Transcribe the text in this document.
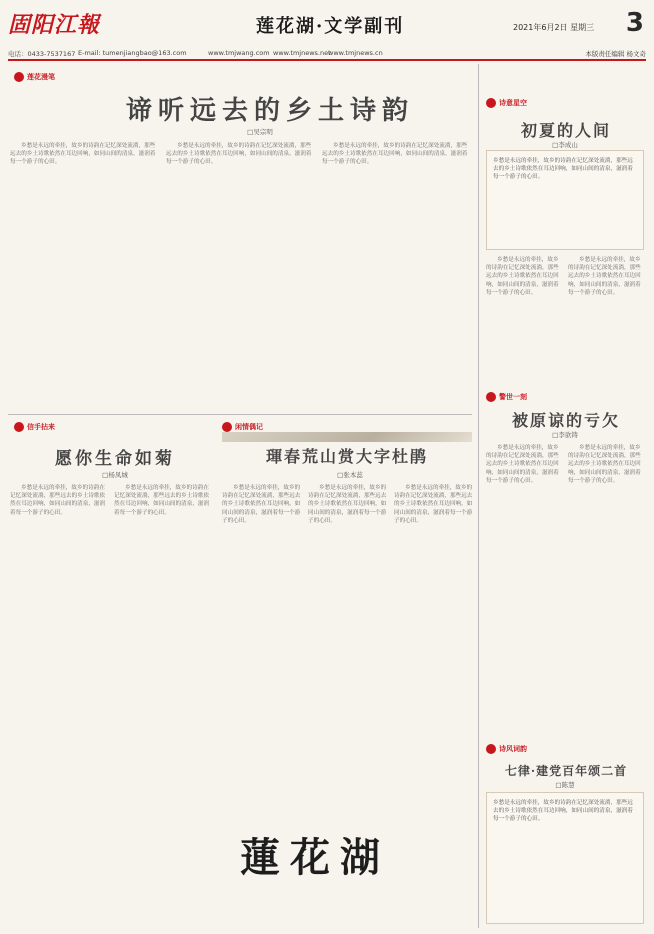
固阳江報	莲花湖·文学副刊	2021年6月2日 星期三 3
电话：0433-7537167 E-mail: tumenjiangbao@163.com	www.tmjwang.com www.tmjnews.net
www.tmjnews.cn	本版责任编辑 杨文奇
莲花漫笔
谛听远去的乡土诗韵
□吴宗明
乡愁是永远的牵挂，故乡的诗韵在记忆深处流淌，那些远去的乡土诗歌依然在耳边回响，如同山间的清泉，滋润着每一个游子的心田。
乡愁是永远的牵挂，故乡的诗韵在记忆深处流淌，那些远去的乡土诗歌依然在耳边回响，如同山间的清泉，滋润着每一个游子的心田。
乡愁是永远的牵挂，故乡的诗韵在记忆深处流淌，那些远去的乡土诗歌依然在耳边回响，如同山间的清泉，滋润着每一个游子的心田。
信手拈来
愿你生命如菊
□杨凤城
乡愁是永远的牵挂，故乡的诗韵在记忆深处流淌，那些远去的乡土诗歌依然在耳边回响，如同山间的清泉，滋润着每一个游子的心田。
乡愁是永远的牵挂，故乡的诗韵在记忆深处流淌，那些远去的乡土诗歌依然在耳边回响，如同山间的清泉，滋润着每一个游子的心田。
闲情偶记
琿春荒山赏大字杜鹃
□张本蕊
乡愁是永远的牵挂，故乡的诗韵在记忆深处流淌，那些远去的乡土诗歌依然在耳边回响，如同山间的清泉，滋润着每一个游子的心田。
乡愁是永远的牵挂，故乡的诗韵在记忆深处流淌，那些远去的乡土诗歌依然在耳边回响，如同山间的清泉，滋润着每一个游子的心田。
乡愁是永远的牵挂，故乡的诗韵在记忆深处流淌，那些远去的乡土诗歌依然在耳边回响，如同山间的清泉，滋润着每一个游子的心田。
蓮花湖
诗意星空
初夏的人间
□李成山
乡愁是永远的牵挂，故乡的诗韵在记忆深处流淌，那些远去的乡土诗歌依然在耳边回响，如同山间的清泉，滋润着每一个游子的心田。
乡愁是永远的牵挂，故乡的诗韵在记忆深处流淌，那些远去的乡土诗歌依然在耳边回响，如同山间的清泉，滋润着每一个游子的心田。
乡愁是永远的牵挂，故乡的诗韵在记忆深处流淌，那些远去的乡土诗歌依然在耳边回响，如同山间的清泉，滋润着每一个游子的心田。
警世一刻
被原谅的亏欠
□李欲铸
乡愁是永远的牵挂，故乡的诗韵在记忆深处流淌，那些远去的乡土诗歌依然在耳边回响，如同山间的清泉，滋润着每一个游子的心田。
乡愁是永远的牵挂，故乡的诗韵在记忆深处流淌，那些远去的乡土诗歌依然在耳边回响，如同山间的清泉，滋润着每一个游子的心田。
诗风词韵
七律·建党百年颂二首
□陈慧
乡愁是永远的牵挂，故乡的诗韵在记忆深处流淌，那些远去的乡土诗歌依然在耳边回响，如同山间的清泉，滋润着每一个游子的心田。
